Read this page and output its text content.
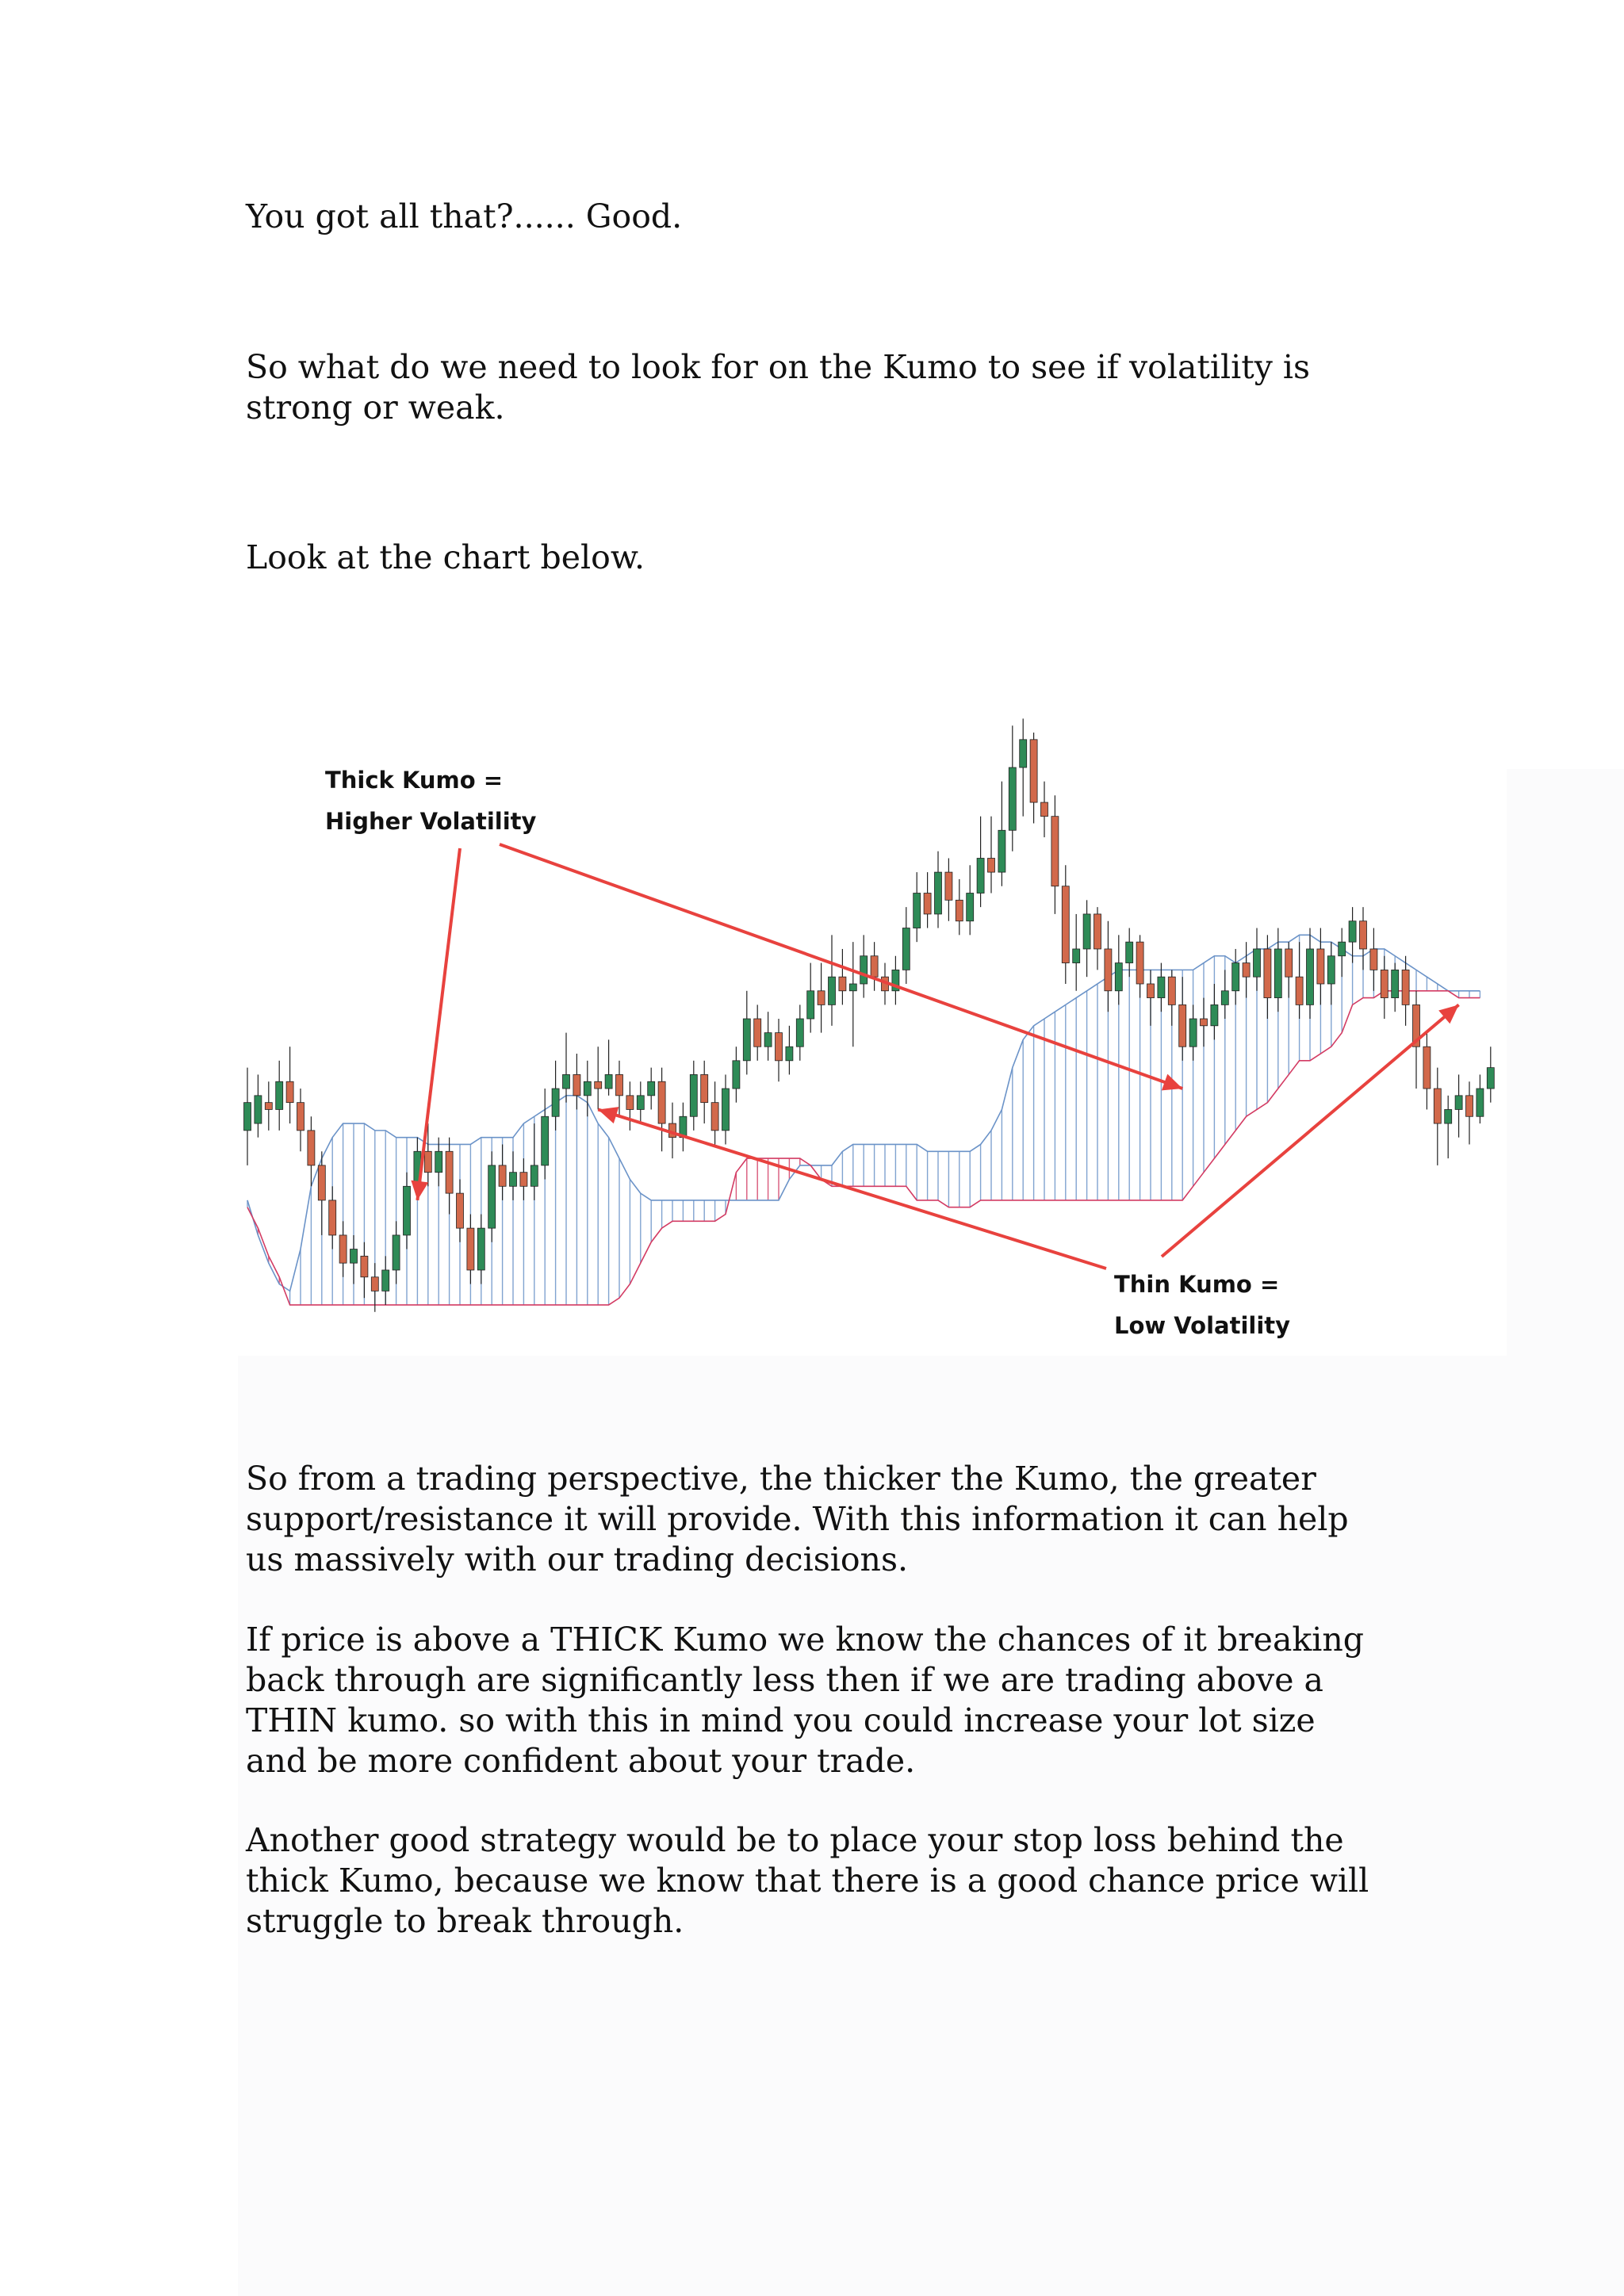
You got all that?...... Good.

So what do we need to look for on the Kumo to see if volatility is strong or weak.

Look at the chart below.

Thick Kumo =
Higher Volatility
Thin Kumo =
Low Volatility

So from a trading perspective, the thicker the Kumo, the greater support/resistance it will provide. With this information it can help us massively with our trading decisions.

If price is above a THICK Kumo we know the chances of it breaking back through are significantly less then if we are trading above a THIN kumo. so with this in mind you could increase your lot size and be more confident about your trade.

Another good strategy would be to place your stop loss behind the thick Kumo, because we know that there is a good chance price will struggle to break through.
